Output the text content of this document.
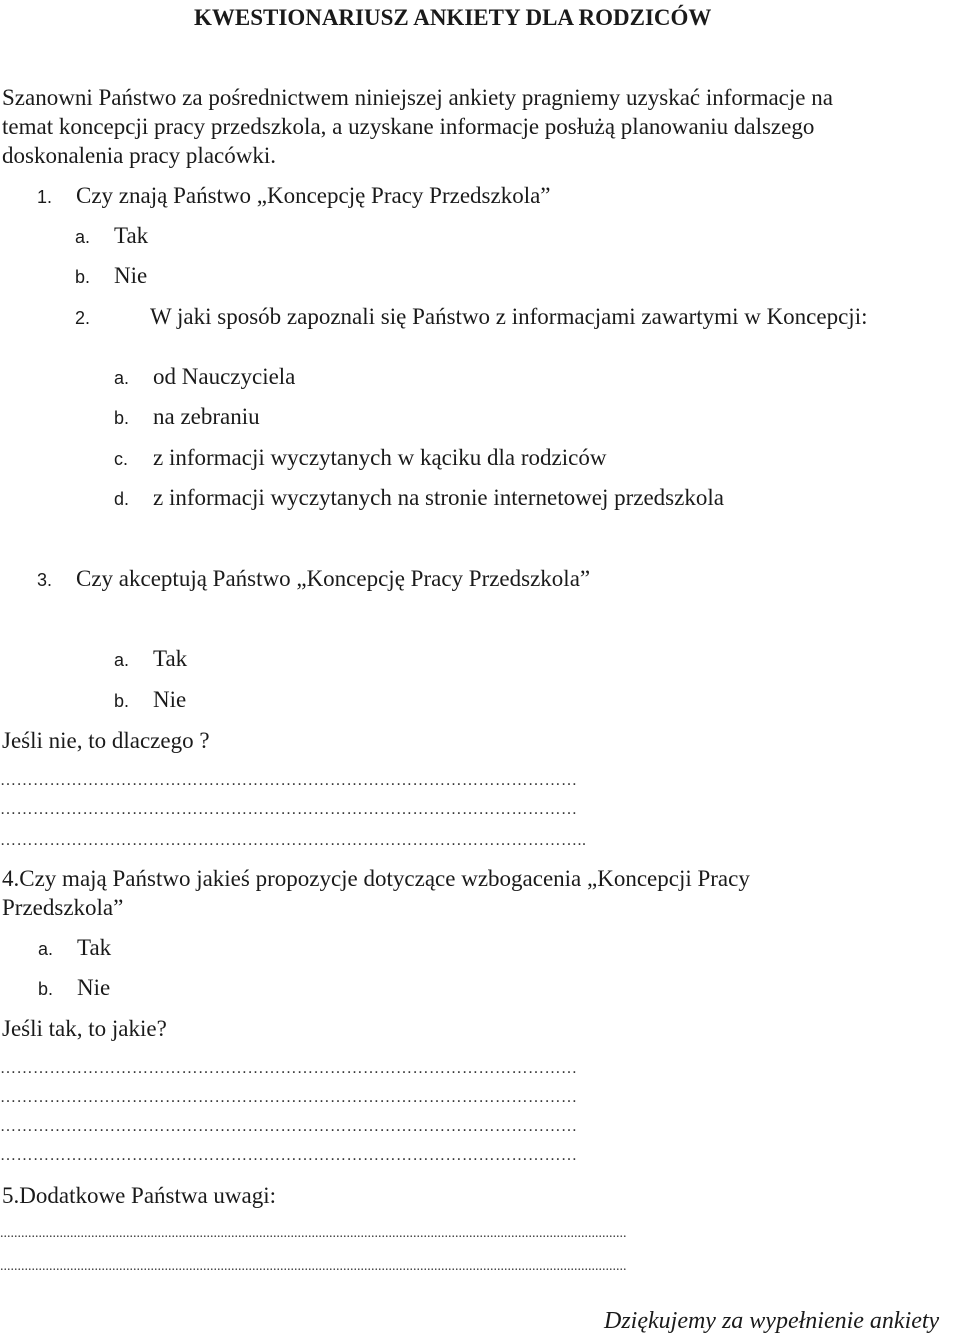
KWESTIONARIUSZ ANKIETY DLA RODZICÓW
Szanowni Państwo za pośrednictwem niniejszej ankiety pragniemy uzyskać informacje na
temat koncepcji pracy przedszkola, a uzyskane informacje posłużą planowaniu dalszego
doskonalenia pracy placówki.
1. Czy znają Państwo „Koncepcję Pracy Przedszkola”
a. Tak
b. Nie
2.	W jaki sposób zapoznali się Państwo z informacjami zawartymi w Koncepcji:
a. od Nauczyciela
b. na zebraniu
c. z informacji wyczytanych w kąciku dla rodziców
d. z informacji wyczytanych na stronie internetowej przedszkola
3. Czy akceptują Państwo „Koncepcję Pracy Przedszkola”
a. Tak
b. Nie
Jeśli nie, to dlaczego ?
……………………………………………………………………………………………
……………………………………………………………………………………………
……………………………………………………………………………………………..
4.Czy mają Państwo jakieś propozycje dotyczące wzbogacenia „Koncepcji Pracy
Przedszkola”
a. Tak
b. Nie
Jeśli tak, to jakie?
……………………………………………………………………………………………
……………………………………………………………………………………………
……………………………………………………………………………………………
……………………………………………………………………………………………
5.Dodatkowe Państwa uwagi:
...................................................................................................................................................................................
...................................................................................................................................................................................
Dziękujemy za wypełnienie ankiety
